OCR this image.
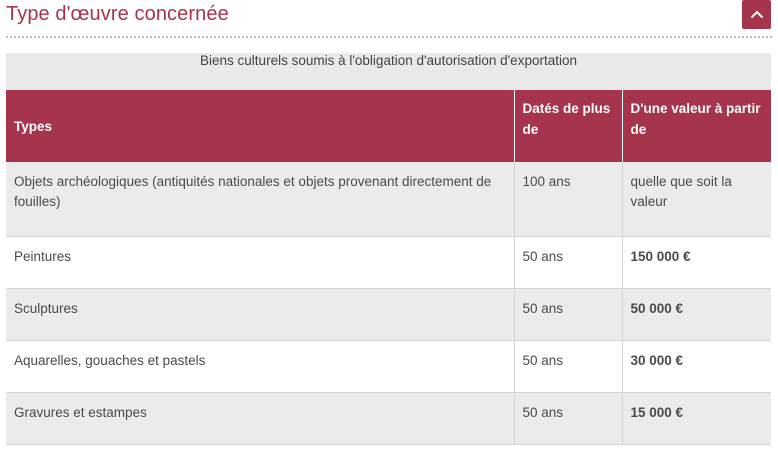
Type d'œuvre concernée
Biens culturels soumis à l'obligation d'autorisation d'exportation		
Types	Datés de plus de	D'une valeur à partir de
Objets archéologiques (antiquités nationales et objets provenant directement de fouilles)	100 ans	quelle que soit la valeur
Peintures	50 ans	150 000 €
Sculptures	50 ans	50 000 €
Aquarelles, gouaches et pastels	50 ans	30 000 €
Gravures et estampes	50 ans	15 000 €
